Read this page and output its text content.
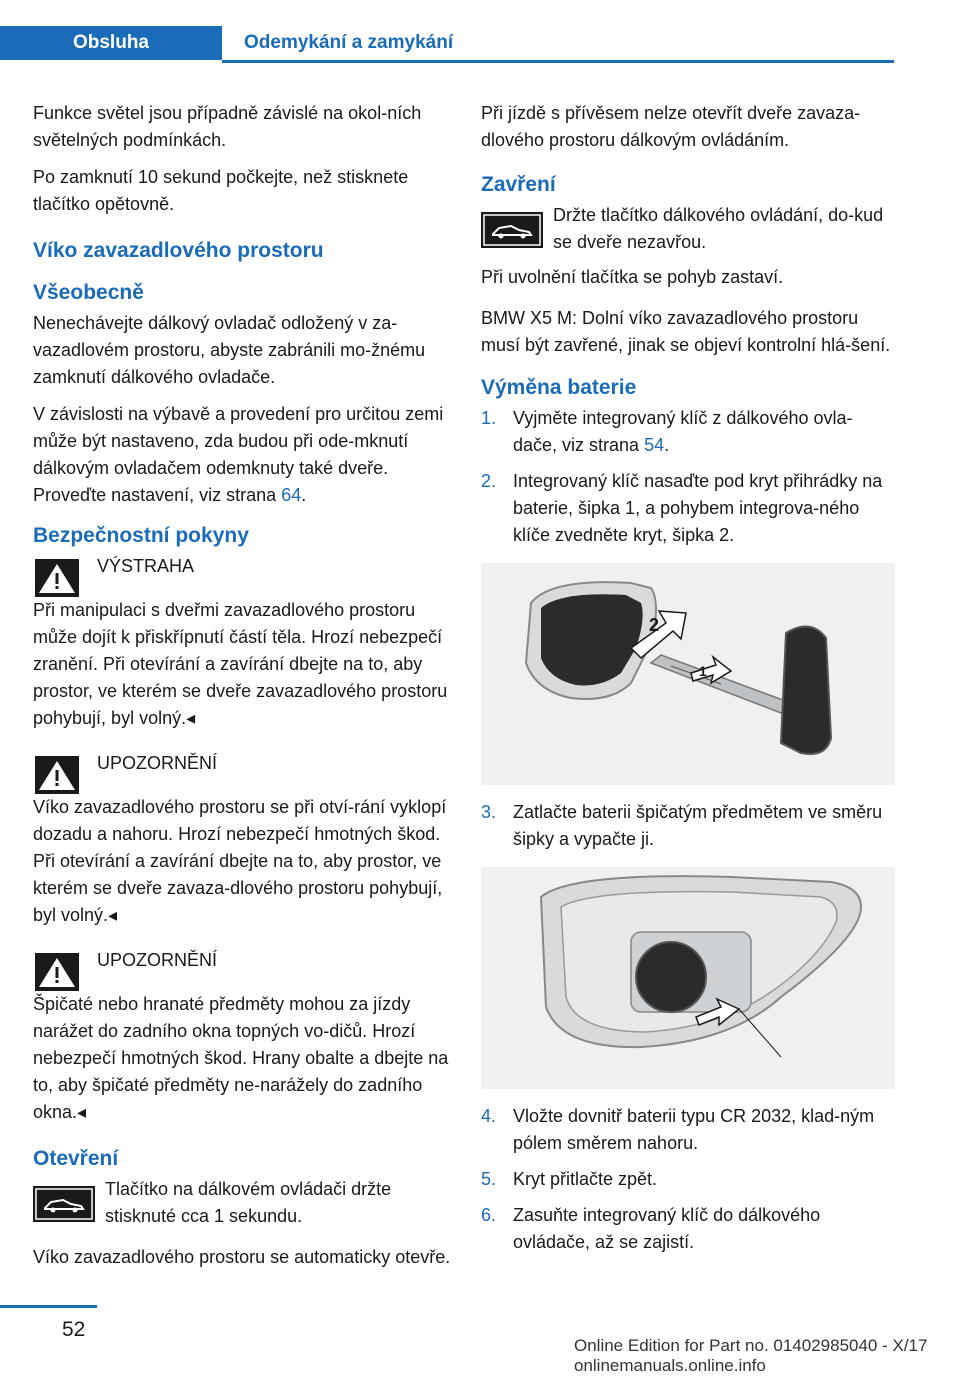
Obsluha	Odemykání a zamykání

Funkce světel jsou případně závislé na okol‐ních světelných podmínkách.

Po zamknutí 10 sekund počkejte, než stisknete tlačítko opětovně.

Víko zavazadlového prostoru
Všeobecně

Nenechávejte dálkový ovladač odložený v za‐vazadlovém prostoru, abyste zabránili mo‐žnému zamknutí dálkového ovladače.

V závislosti na výbavě a provedení pro určitou zemi může být nastaveno, zda budou při ode‐mknutí dálkovým ovladačem odemknuty také dveře. Proveďte nastavení, viz strana 64.

Bezpečnostní pokyny

VÝSTRAHA

Při manipulaci s dveřmi zavazadlového prostoru může dojít k přiskřípnutí částí těla. Hrozí nebezpečí zranění. Při otevírání a zavírání dbejte na to, aby prostor, ve kterém se dveře zavazadlového prostoru pohybují, byl volný.◂

UPOZORNĚNÍ

Víko zavazadlového prostoru se při otví‐rání vyklopí dozadu a nahoru. Hrozí nebezpečí hmotných škod. Při otevírání a zavírání dbejte na to, aby prostor, ve kterém se dveře zavaza‐dlového prostoru pohybují, byl volný.◂

UPOZORNĚNÍ

Špičaté nebo hranaté předměty mohou za jízdy narážet do zadního okna topných vo‐dičů. Hrozí nebezpečí hmotných škod. Hrany obalte a dbejte na to, aby špičaté předměty ne‐narážely do zadního okna.◂

Otevření

Tlačítko na dálkovém ovládači držte stisknuté cca 1 sekundu.

Víko zavazadlového prostoru se automaticky otevře.

Při jízdě s přívěsem nelze otevřít dveře zavaza‐dlového prostoru dálkovým ovládáním.

Zavření

Držte tlačítko dálkového ovládání, do‐kud se dveře nezavřou.

Při uvolnění tlačítka se pohyb zastaví.

BMW X5 M: Dolní víko zavazadlového prostoru musí být zavřené, jinak se objeví kontrolní hlá‐šení.

Výměna baterie
1. Vyjměte integrovaný klíč z dálkového ovla‐dače, viz strana 54.
2. Integrovaný klíč nasaďte pod kryt přihrádky na baterie, šipka 1, a pohybem integrova‐ného klíče zvedněte kryt, šipka 2.
2
1
3. Zatlačte baterii špičatým předmětem ve směru šipky a vypačte ji.
4. Vložte dovnitř baterii typu CR 2032, klad‐ným pólem směrem nahoru.
5. Kryt přitlačte zpět.
6. Zasuňte integrovaný klíč do dálkového ovládače, až se zajistí.
52
Online Edition for Part no. 01402985040 - X/17 onlinemanuals.online.info
